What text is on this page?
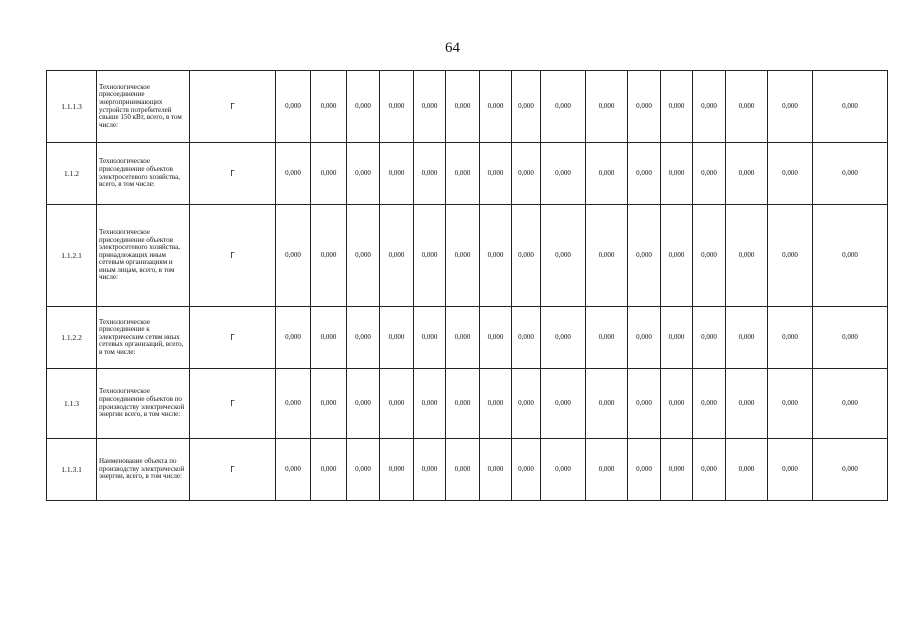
64
1.1.1.3	Технологическое присоединение энергопринимающих устройств потребителей свыше 150 кВт, всего, в том числе:	Г	0,000	0,000	0,000	0,000	0,000	0,000	0,000	0,000	0,000	0,000	0,000	0,000	0,000	0,000	0,000	0,000
1.1.2	Технологическое присоединение объектов электросетевого хозяйства, всего, в том числе:	Г	0,000	0,000	0,000	0,000	0,000	0,000	0,000	0,000	0,000	0,000	0,000	0,000	0,000	0,000	0,000	0,000
1.1.2.1	Технологическое присоединение объектов электросетевого хозяйства, принадлежащих иным сетевым организациям и иным лицам, всего, в том числе:	Г	0,000	0,000	0,000	0,000	0,000	0,000	0,000	0,000	0,000	0,000	0,000	0,000	0,000	0,000	0,000	0,000
1.1.2.2	Технологическое присоединение к электрическим сетям иных сетевых организаций, всего, в том числе:	Г	0,000	0,000	0,000	0,000	0,000	0,000	0,000	0,000	0,000	0,000	0,000	0,000	0,000	0,000	0,000	0,000
1.1.3	Технологическое присоединение объектов по производству электрической энергии всего, в том числе:	Г	0,000	0,000	0,000	0,000	0,000	0,000	0,000	0,000	0,000	0,000	0,000	0,000	0,000	0,000	0,000	0,000
1.1.3.1	Наименование объекта по производству электрической энергии, всего, в том числе:	Г	0,000	0,000	0,000	0,000	0,000	0,000	0,000	0,000	0,000	0,000	0,000	0,000	0,000	0,000	0,000	0,000
